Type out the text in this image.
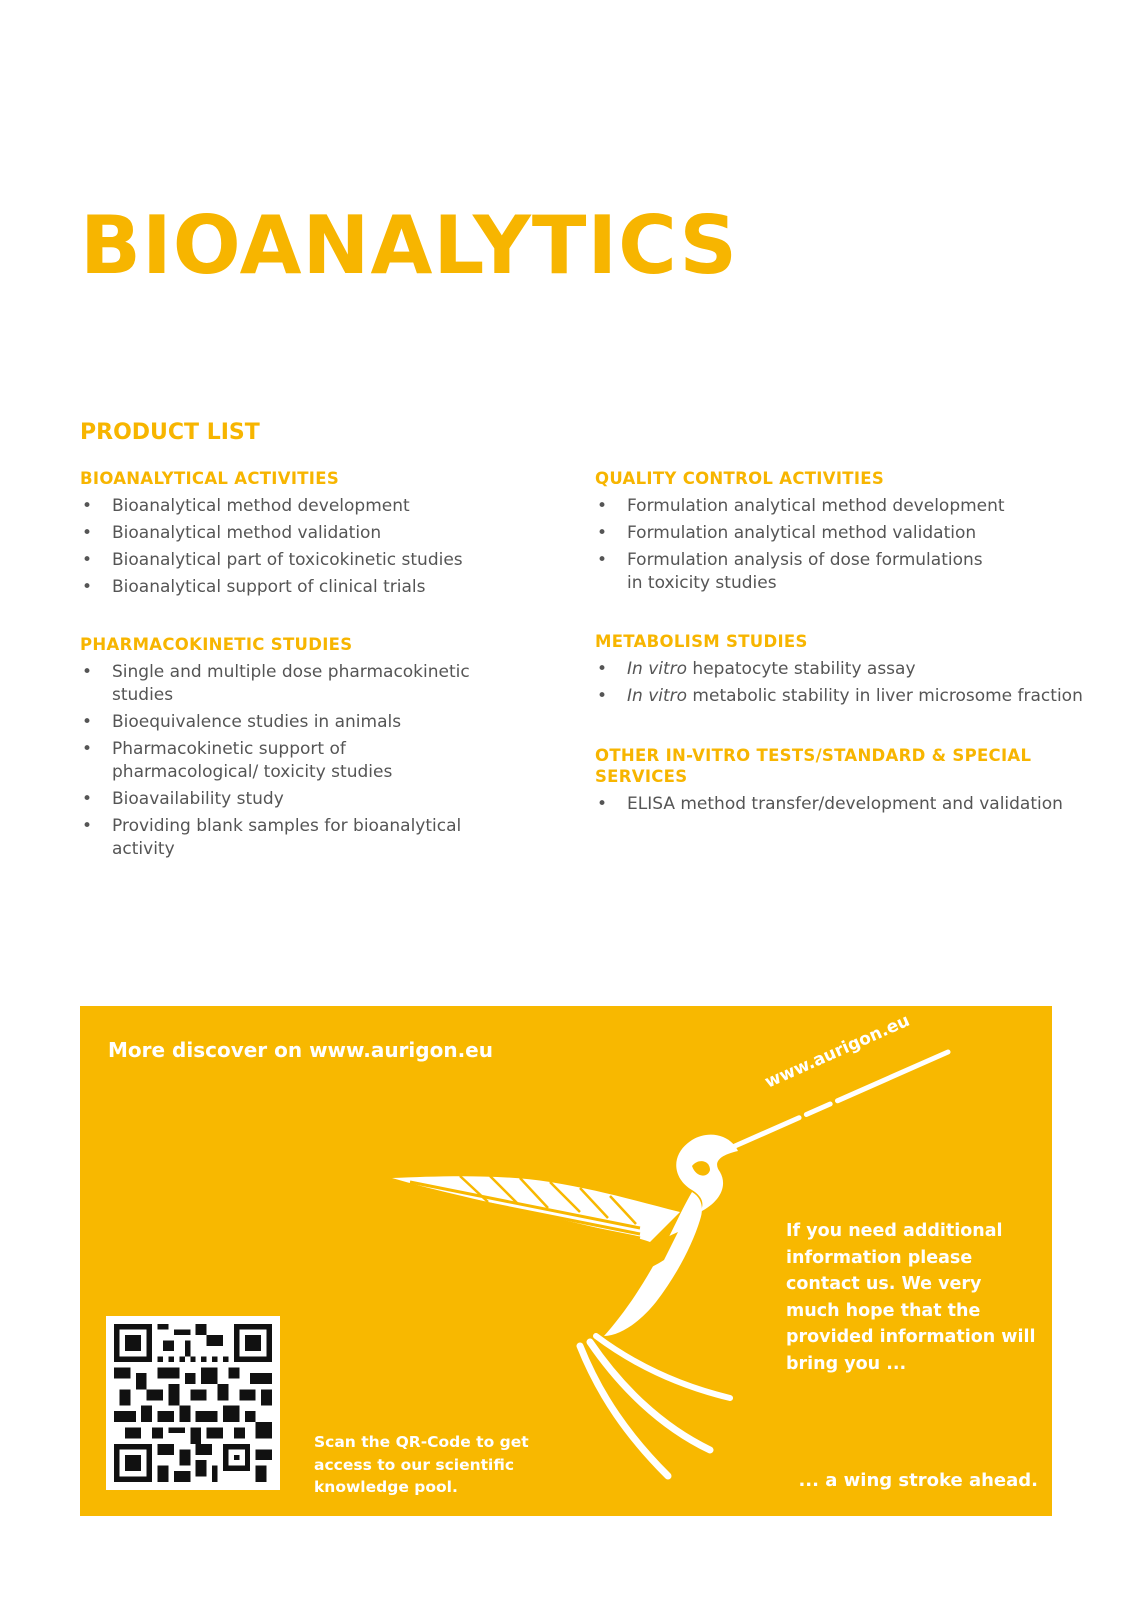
BIOANALYTICS
PRODUCT LIST
BIOANALYTICAL ACTIVITIES
• Bioanalytical method development
• Bioanalytical method validation
• Bioanalytical part of toxicokinetic studies
• Bioanalytical support of clinical trials
PHARMACOKINETIC STUDIES
• Single and multiple dose pharmacokinetic studies
• Bioequivalence studies in animals
• Pharmacokinetic support of pharmacological/ toxicity studies
• Bioavailability study
• Providing blank samples for bioanalytical activity
QUALITY CONTROL ACTIVITIES
• Formulation analytical method development
• Formulation analytical method validation
• Formulation analysis of dose formulations in toxicity studies
METABOLISM STUDIES
• In vitro hepatocyte stability assay
• In vitro metabolic stability in liver microsome fraction
OTHER IN-VITRO TESTS/STANDARD & SPECIAL SERVICES
• ELISA method transfer/development and validation
www.aurigon.eu
More discover on www.aurigon.eu

If you need additional information please contact us. We very much hope that the provided information will bring you ...

Scan the QR-Code to get access to our scientific knowledge pool.	... a wing stroke ahead.
